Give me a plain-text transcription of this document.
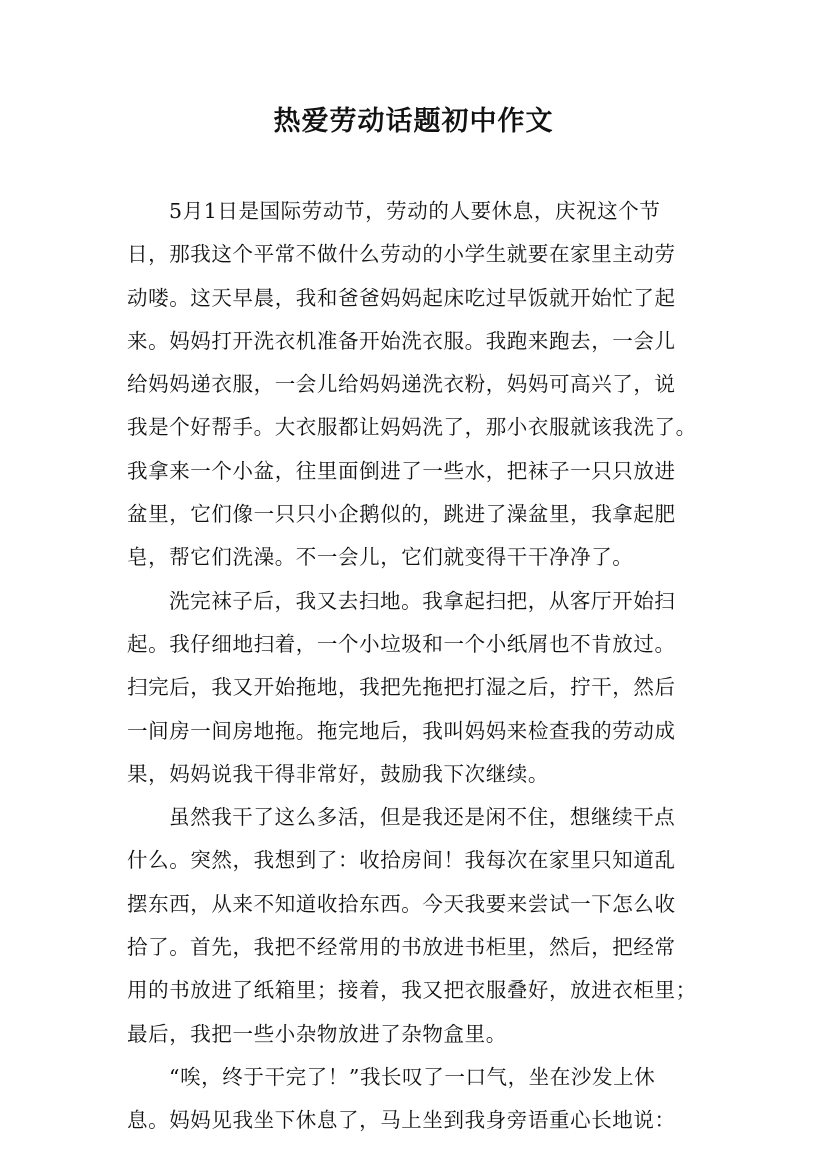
热爱劳动话题初中作文
5月1日是国际劳动节，劳动的人要休息，庆祝这个节
日，那我这个平常不做什么劳动的小学生就要在家里主动劳
动喽。这天早晨，我和爸爸妈妈起床吃过早饭就开始忙了起
来。妈妈打开洗衣机准备开始洗衣服。我跑来跑去，一会儿
给妈妈递衣服，一会儿给妈妈递洗衣粉，妈妈可高兴了，说
我是个好帮手。大衣服都让妈妈洗了，那小衣服就该我洗了。
我拿来一个小盆，往里面倒进了一些水，把袜子一只只放进
盆里，它们像一只只小企鹅似的，跳进了澡盆里，我拿起肥
皂，帮它们洗澡。不一会儿，它们就变得干干净净了。
洗完袜子后，我又去扫地。我拿起扫把，从客厅开始扫
起。我仔细地扫着，一个小垃圾和一个小纸屑也不肯放过。
扫完后，我又开始拖地，我把先拖把打湿之后，拧干，然后
一间房一间房地拖。拖完地后，我叫妈妈来检查我的劳动成
果，妈妈说我干得非常好，鼓励我下次继续。
虽然我干了这么多活，但是我还是闲不住，想继续干点
什么。突然，我想到了：收拾房间！我每次在家里只知道乱
摆东西，从来不知道收拾东西。今天我要来尝试一下怎么收
拾了。首先，我把不经常用的书放进书柜里，然后，把经常
用的书放进了纸箱里；接着，我又把衣服叠好，放进衣柜里；
最后，我把一些小杂物放进了杂物盒里。
“唉，终于干完了！”我长叹了一口气，坐在沙发上休
息。妈妈见我坐下休息了，马上坐到我身旁语重心长地说：
